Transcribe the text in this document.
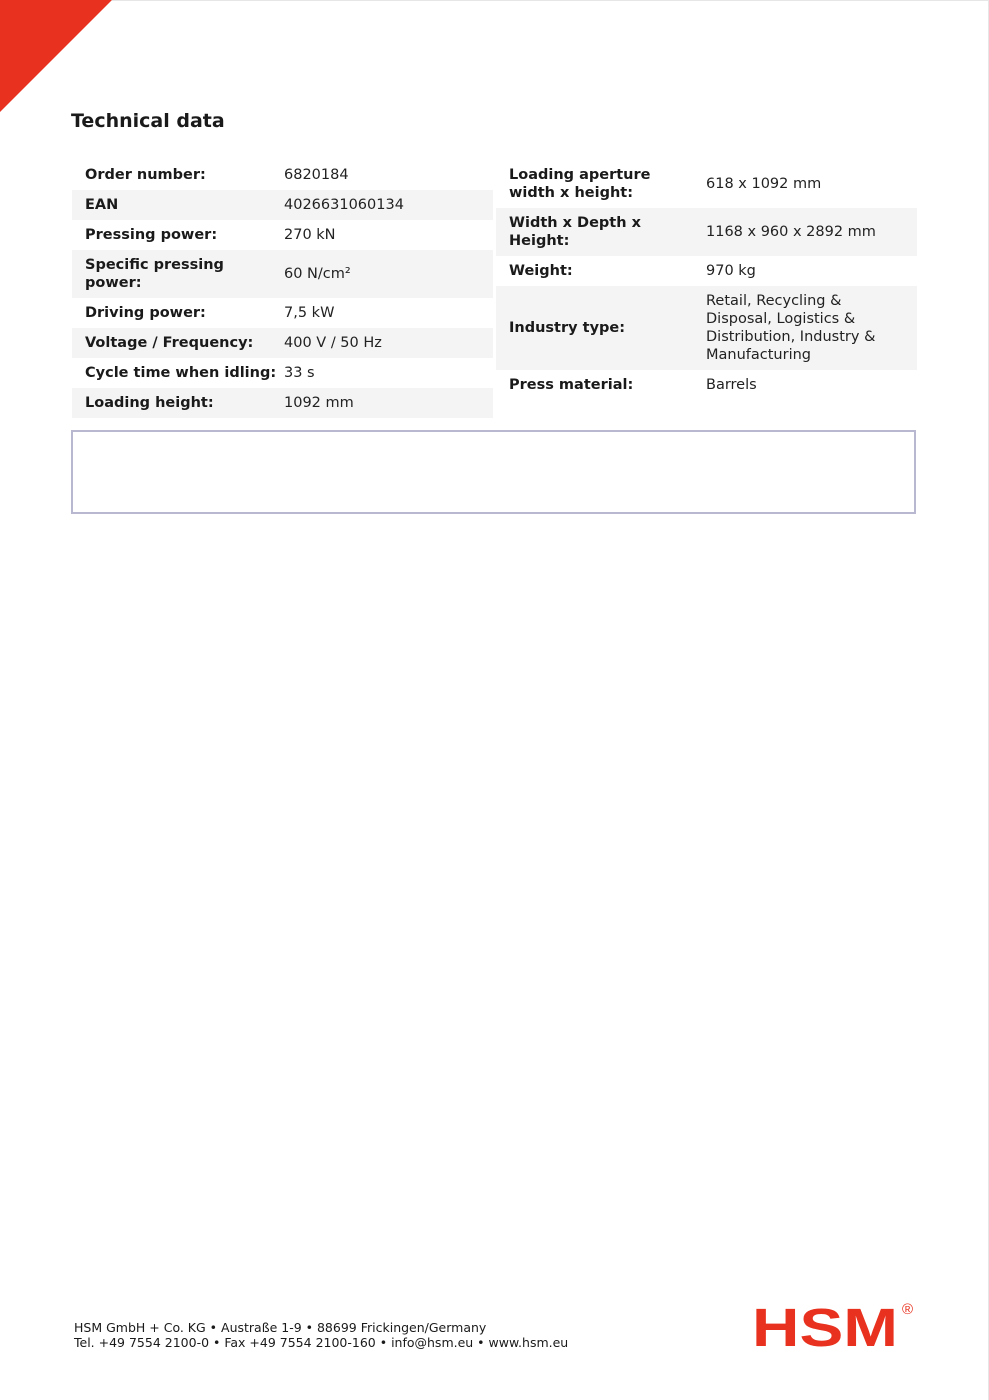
Technical data
Order number:	6820184
EAN	4026631060134
Pressing power:	270 kN
Specific pressing power:
60 N/cm²
Driving power:	7,5 kW
Voltage / Frequency:	400 V / 50 Hz
Cycle time when idling: 33 s
Loading height:	1092 mm
Loading aperture width x height:
618 x 1092 mm
Width x Depth x Height:
1168 x 960 x 2892 mm
Weight:	970 kg
Industry type:
Retail, Recycling & Disposal, Logistics & Distribution, Industry & Manufacturing
Press material:	Barrels
HSM GmbH + Co. KG • Austraße 1-9 • 88699 Frickingen/Germany
Tel. +49 7554 2100-0 • Fax +49 7554 2100-160 • info@hsm.eu • www.hsm.eu	HSM ®
